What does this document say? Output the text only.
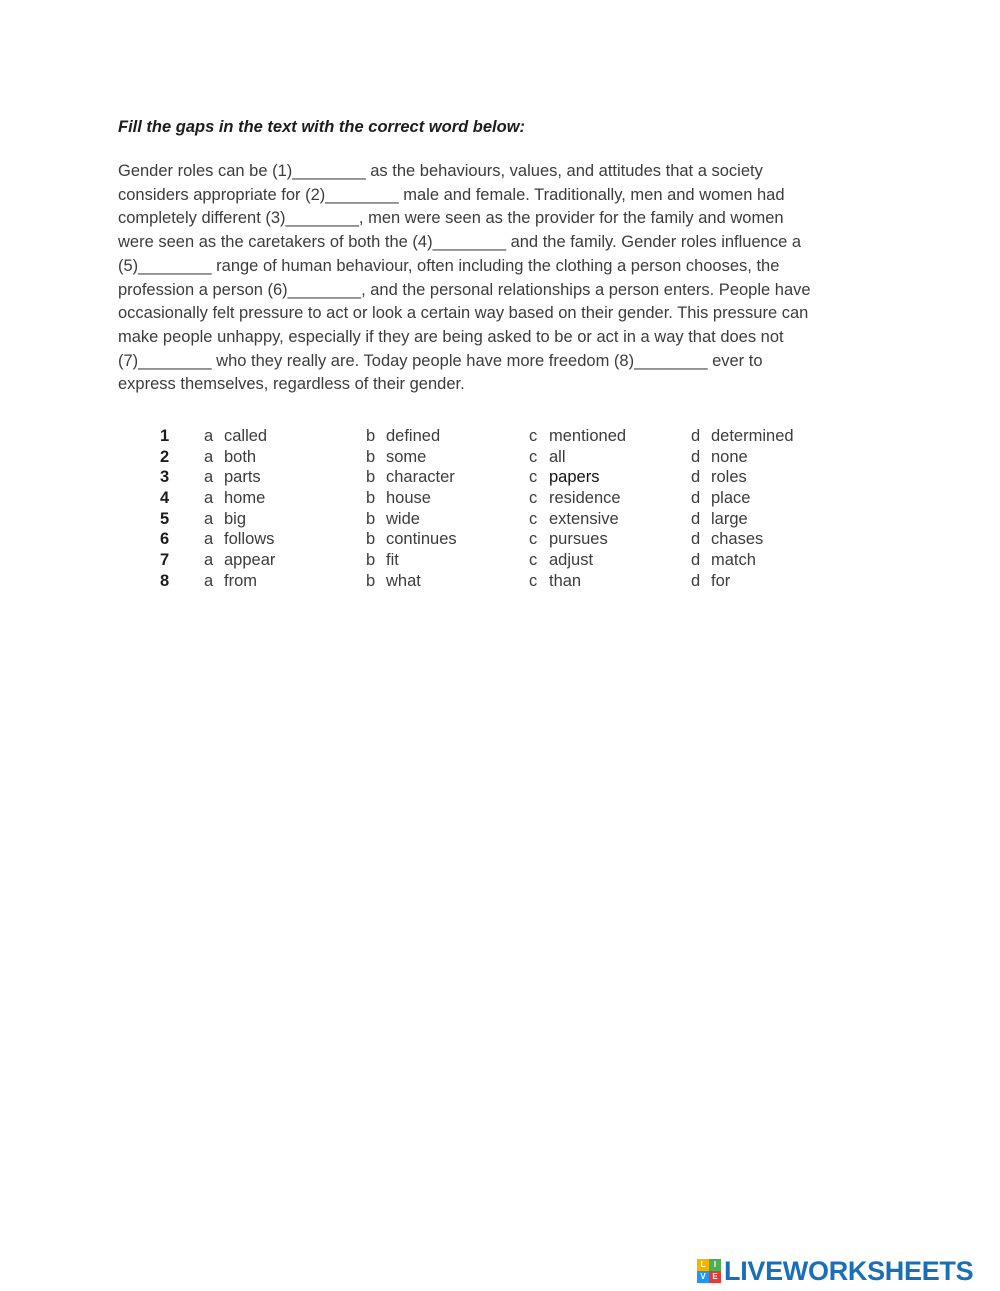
Fill the gaps in the text with the correct word below:

Gender roles can be (1)________ as the behaviours, values, and attitudes that a society
considers appropriate for (2)________ male and female. Traditionally, men and women had
completely different (3)________, men were seen as the provider for the family and women
were seen as the caretakers of both the (4)________ and the family. Gender roles influence a
(5)________ range of human behaviour, often including the clothing a person chooses, the
profession a person (6)________, and the personal relationships a person enters. People have
occasionally felt pressure to act or look a certain way based on their gender. This pressure can
make people unhappy, especially if they are being asked to be or act in a way that does not
(7)________ who they really are. Today people have more freedom (8)________ ever to
express themselves, regardless of their gender.
1 a called	b defined	c mentioned	d determined
2 a both	b some	c all	d none
3 a parts	b character	c papers	d roles
4 a home	b house	c residence	d place
5 a big	b wide	c extensive	d large
6 a follows	b continues	c pursues	d chases
7 a appear	b fit	c adjust	d match
8 a from	b what	c than	d for
L	I
V E LIVEWORKSHEETS
